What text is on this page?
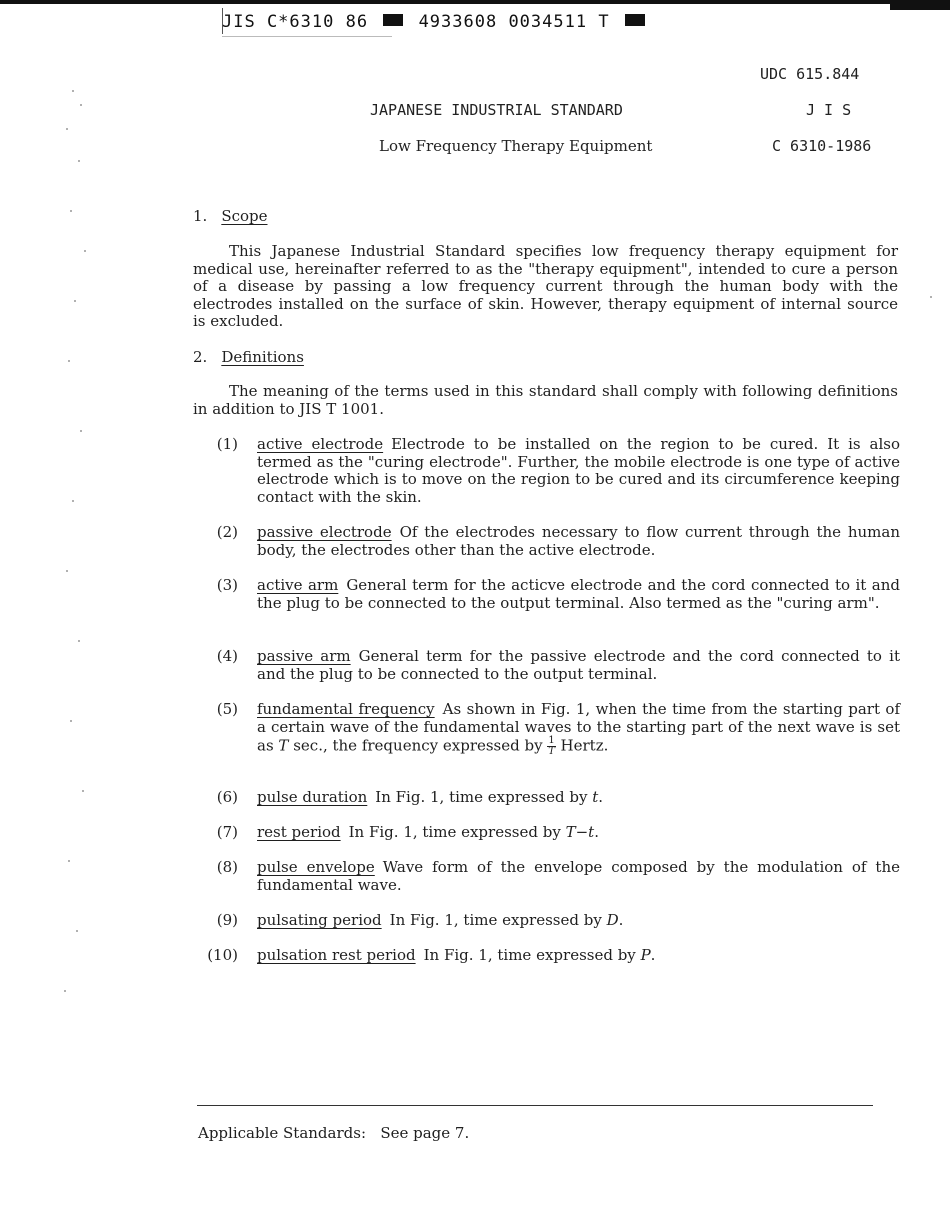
JIS C*6310 86	4933608 0034511 T
UDC 615.844
JAPANESE INDUSTRIAL STANDARD	J I S
Low Frequency Therapy Equipment	C 6310-1986
1. Scope

This Japanese Industrial Standard specifies low frequency therapy equipment for medical use, hereinafter referred to as the "therapy equipment", intended to cure a person of a disease by passing a low frequency current through the human body with the electrodes installed on the surface of skin. However, therapy equipment of internal source is excluded.

2. Definitions

The meaning of the terms used in this standard shall comply with following definitions in addition to JIS T 1001.

(1) active electrode Electrode to be installed on the region to be cured. It is also termed as the "curing electrode". Further, the mobile electrode is one type of active electrode which is to move on the region to be cured and its circumference keeping contact with the skin.
(2) passive electrode Of the electrodes necessary to flow current through the human body, the electrodes other than the active electrode.
(3) active arm General term for the acticve electrode and the cord connected to it and the plug to be connected to the output terminal. Also termed as the "curing arm".
(4) passive arm General term for the passive electrode and the cord connected to it and the plug to be connected to the output terminal.
(5) fundamental frequency As shown in Fig. 1, when the time from the starting part of a certain wave of the fundamental waves to the starting part of the next wave is set as T sec., the frequency expressed by $\frac{1}{T}$ Hertz.
(6) pulse duration In Fig. 1, time expressed by t.
(7) rest period In Fig. 1, time expressed by T−t.
(8) pulse envelope Wave form of the envelope composed by the modulation of the fundamental wave.
(9) pulsating period In Fig. 1, time expressed by D.
(10) pulsation rest period In Fig. 1, time expressed by P.
Applicable Standards: See page 7.
